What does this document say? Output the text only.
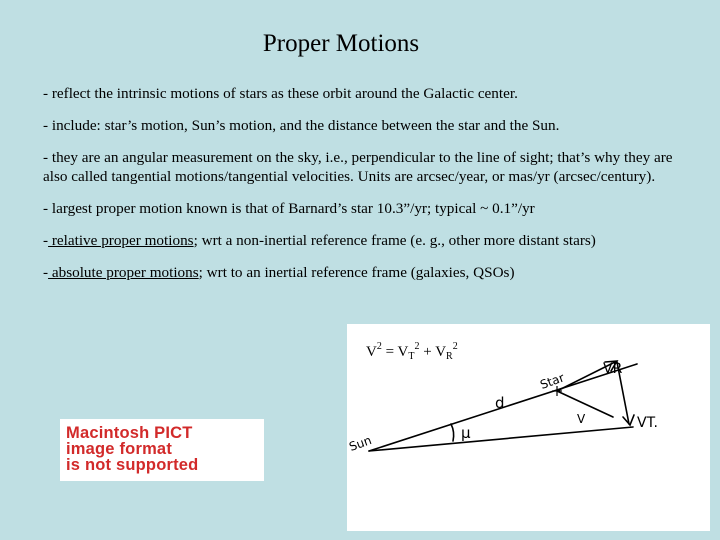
Proper Motions
- reflect the intrinsic motions of stars as these orbit around the Galactic center.
- include: star’s motion, Sun’s motion, and the distance between the star and the Sun.
- they are an angular measurement on the sky, i.e., perpendicular to the line of sight; that’s why they are also called tangential motions/tangential velocities. Units are arcsec/year, or mas/yr (arcsec/century).
- largest proper motion known is that of Barnard’s star 10.3”/yr; typical ~ 0.1”/yr
- relative proper motions; wrt a non-inertial reference frame (e. g., other more distant stars)
- absolute proper motions; wrt to an inertial reference frame (galaxies, QSOs)
Macintosh PICT
image format
is not supported
$V^2 = V_T^2 + V_R^2$
Sun
Star
d
μ
V
VR
VT.
